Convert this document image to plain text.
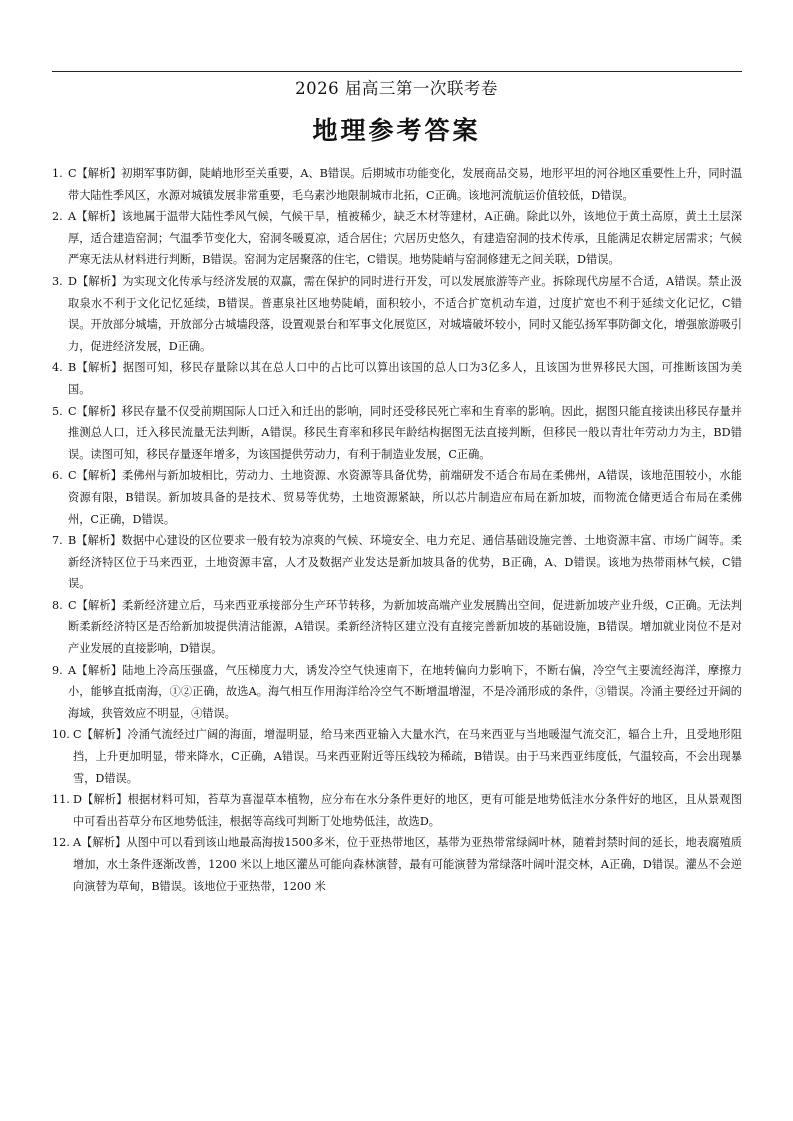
2026 届高三第一次联考卷
地理参考答案
1. C【解析】初期军事防御，陡峭地形至关重要，A、B错误。后期城市功能变化，发展商品交易，地形平坦的河谷地区重要性上升，同时温带大陆性季风区，水源对城镇发展非常重要，毛乌素沙地限制城市北拓，C正确。该地河流航运价值较低，D错误。
2. A【解析】该地属于温带大陆性季风气候，气候干旱，植被稀少，缺乏木材等建材，A正确。除此以外，该地位于黄土高原，黄土土层深厚，适合建造窑洞；气温季节变化大，窑洞冬暖夏凉，适合居住；穴居历史悠久，有建造窑洞的技术传承，且能满足农耕定居需求；气候严寒无法从材料进行判断，B错误。窑洞为定居聚落的住宅，C错误。地势陡峭与窑洞修建无之间关联，D错误。
3. D【解析】为实现文化传承与经济发展的双赢，需在保护的同时进行开发，可以发展旅游等产业。拆除现代房屋不合适，A错误。禁止汲取泉水不利于文化记忆延续，B错误。普惠泉社区地势陡峭，面积较小，不适合扩宽机动车道，过度扩宽也不利于延续文化记忆，C错误。开放部分城墙，开放部分古城墙段落，设置观景台和军事文化展览区，对城墙破坏较小，同时又能弘扬军事防御文化，增强旅游吸引力，促进经济发展，D正确。
4. B【解析】据图可知，移民存量除以其在总人口中的占比可以算出该国的总人口为3亿多人，且该国为世界移民大国，可推断该国为美国。
5. C【解析】移民存量不仅受前期国际人口迁入和迁出的影响，同时还受移民死亡率和生育率的影响。因此，据图只能直接读出移民存量并推测总人口，迁入移民流量无法判断，A错误。移民生育率和移民年龄结构据图无法直接判断，但移民一般以青壮年劳动力为主，BD错误。读图可知，移民存量逐年增多，为该国提供劳动力，有利于制造业发展，C正确。
6. C【解析】柔佛州与新加坡相比，劳动力、土地资源、水资源等具备优势，前端研发不适合布局在柔佛州，A错误，该地范围较小，水能资源有限，B错误。新加坡具备的是技术、贸易等优势，土地资源紧缺，所以芯片制造应布局在新加坡，而物流仓储更适合布局在柔佛州，C正确，D错误。
7. B【解析】数据中心建设的区位要求一般有较为凉爽的气候、环境安全、电力充足、通信基础设施完善、土地资源丰富、市场广阔等。柔新经济特区位于马来西亚，土地资源丰富，人才及数据产业发达是新加坡具备的优势，B正确，A、D错误。该地为热带雨林气候，C错误。
8. C【解析】柔新经济建立后，马来西亚承接部分生产环节转移，为新加坡高端产业发展腾出空间，促进新加坡产业升级，C正确。无法判断柔新经济特区是否给新加坡提供清洁能源，A错误。柔新经济特区建立没有直接完善新加坡的基础设施，B错误。增加就业岗位不是对产业发展的直接影响，D错误。
9. A【解析】陆地上冷高压强盛，气压梯度力大，诱发冷空气快速南下，在地转偏向力影响下，不断右偏，冷空气主要流经海洋，摩擦力小，能够直抵南海，①②正确，故选A。海气相互作用海洋给冷空气不断增温增湿，不是冷涌形成的条件，③错误。冷涌主要经过开阔的海域，狭管效应不明显，④错误。
10. C【解析】冷涌气流经过广阔的海面，增湿明显，给马来西亚输入大量水汽，在马来西亚与当地暖湿气流交汇，辐合上升，且受地形阻挡，上升更加明显，带来降水，C正确，A错误。马来西亚附近等压线较为稀疏，B错误。由于马来西亚纬度低，气温较高，不会出现暴雪，D错误。
11. D【解析】根据材料可知，苔草为喜湿草本植物，应分布在水分条件更好的地区，更有可能是地势低洼水分条件好的地区，且从景观图中可看出苔草分布区地势低洼，根据等高线可判断丁处地势低洼，故选D。
12. A【解析】从图中可以看到该山地最高海拔1500多米，位于亚热带地区，基带为亚热带常绿阔叶林，随着封禁时间的延长，地表腐殖质增加，水土条件逐渐改善，1200 米以上地区灌丛可能向森林演替，最有可能演替为常绿落叶阔叶混交林，A正确，D错误。灌丛不会逆向演替为草甸，B错误。该地位于亚热带，1200 米
